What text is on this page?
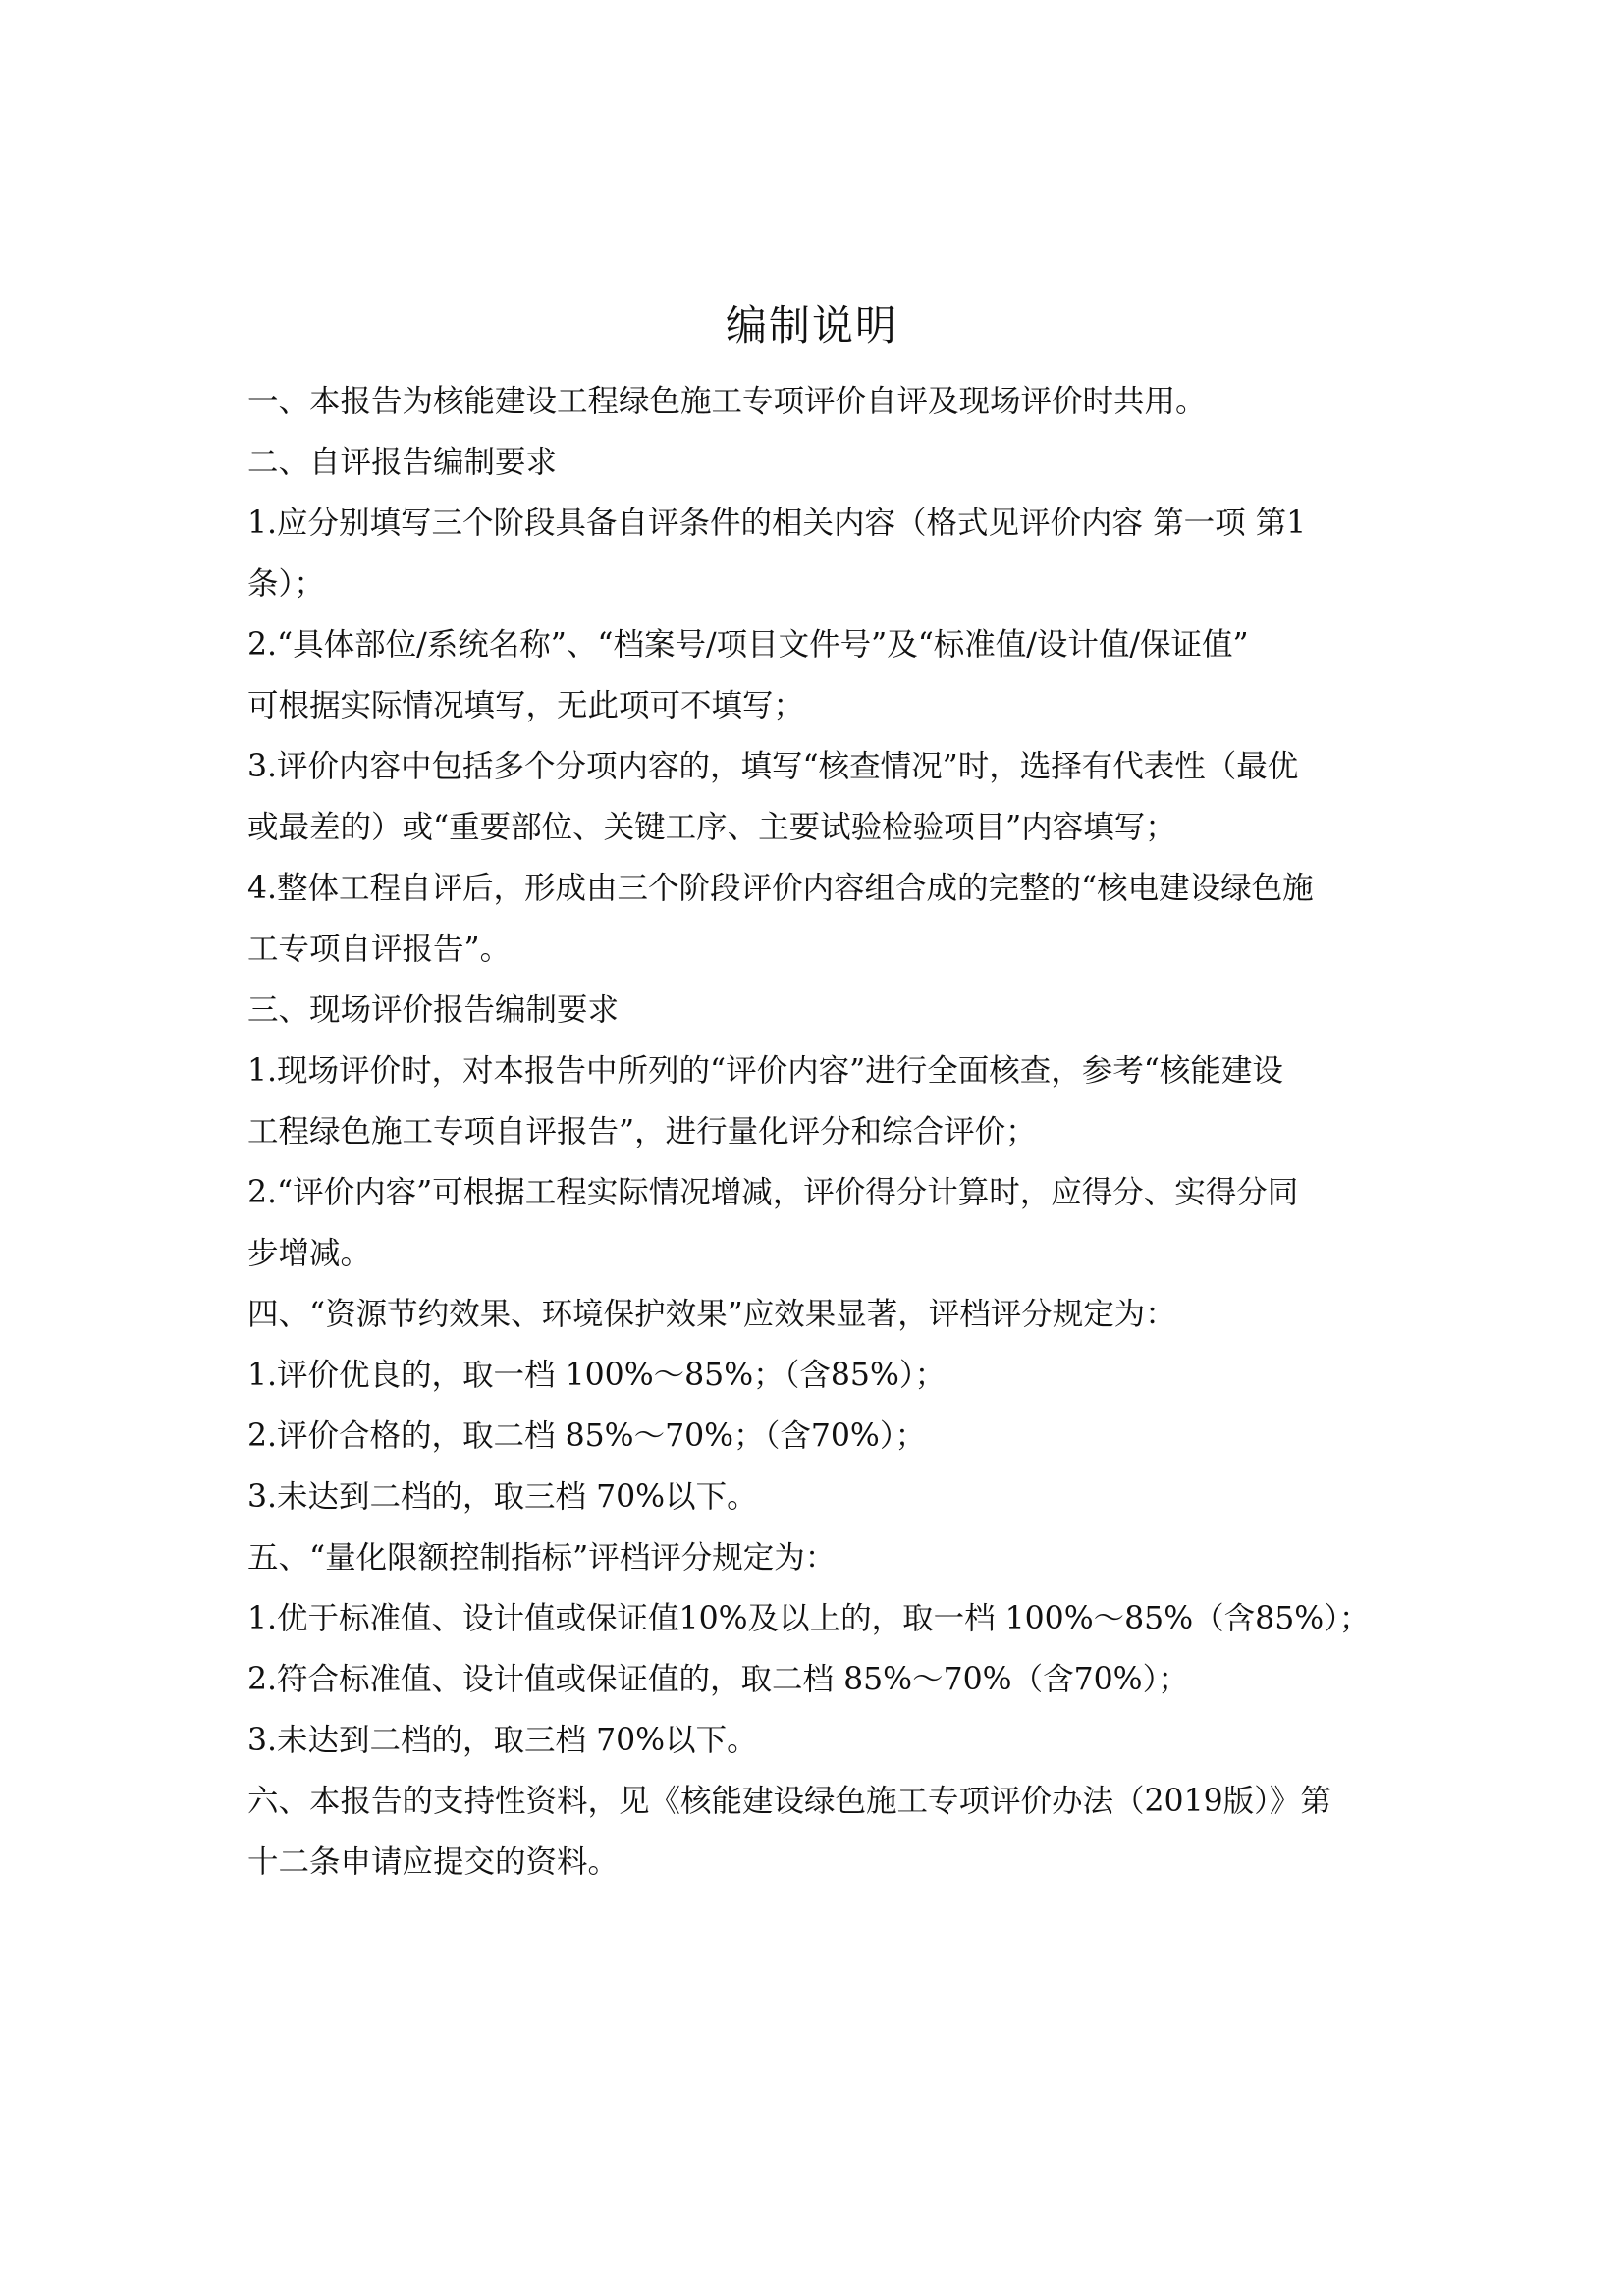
编制说明
一、本报告为核能建设工程绿色施工专项评价自评及现场评价时共用。
二、自评报告编制要求
1.应分别填写三个阶段具备自评条件的相关内容（格式见评价内容 第一项 第1
条）；
2.“具体部位/系统名称”、“档案号/项目文件号”及“标准值/设计值/保证值”
可根据实际情况填写，无此项可不填写；
3.评价内容中包括多个分项内容的，填写“核查情况”时，选择有代表性（最优
或最差的）或“重要部位、关键工序、主要试验检验项目”内容填写；
4.整体工程自评后，形成由三个阶段评价内容组合成的完整的“核电建设绿色施
工专项自评报告”。
三、现场评价报告编制要求
1.现场评价时，对本报告中所列的“评价内容”进行全面核查，参考“核能建设
工程绿色施工专项自评报告”，进行量化评分和综合评价；
2.“评价内容”可根据工程实际情况增减，评价得分计算时，应得分、实得分同
步增减。
四、“资源节约效果、环境保护效果”应效果显著，评档评分规定为：
1.评价优良的，取一档 100%～85%；（含85%）；
2.评价合格的，取二档 85%～70%；（含70%）；
3.未达到二档的，取三档 70%以下。
五、“量化限额控制指标”评档评分规定为：
1.优于标准值、设计值或保证值10%及以上的，取一档 100%～85%（含85%）；
2.符合标准值、设计值或保证值的，取二档 85%～70%（含70%）；
3.未达到二档的，取三档 70%以下。
六、本报告的支持性资料，见《核能建设绿色施工专项评价办法（2019版）》第
十二条申请应提交的资料。
